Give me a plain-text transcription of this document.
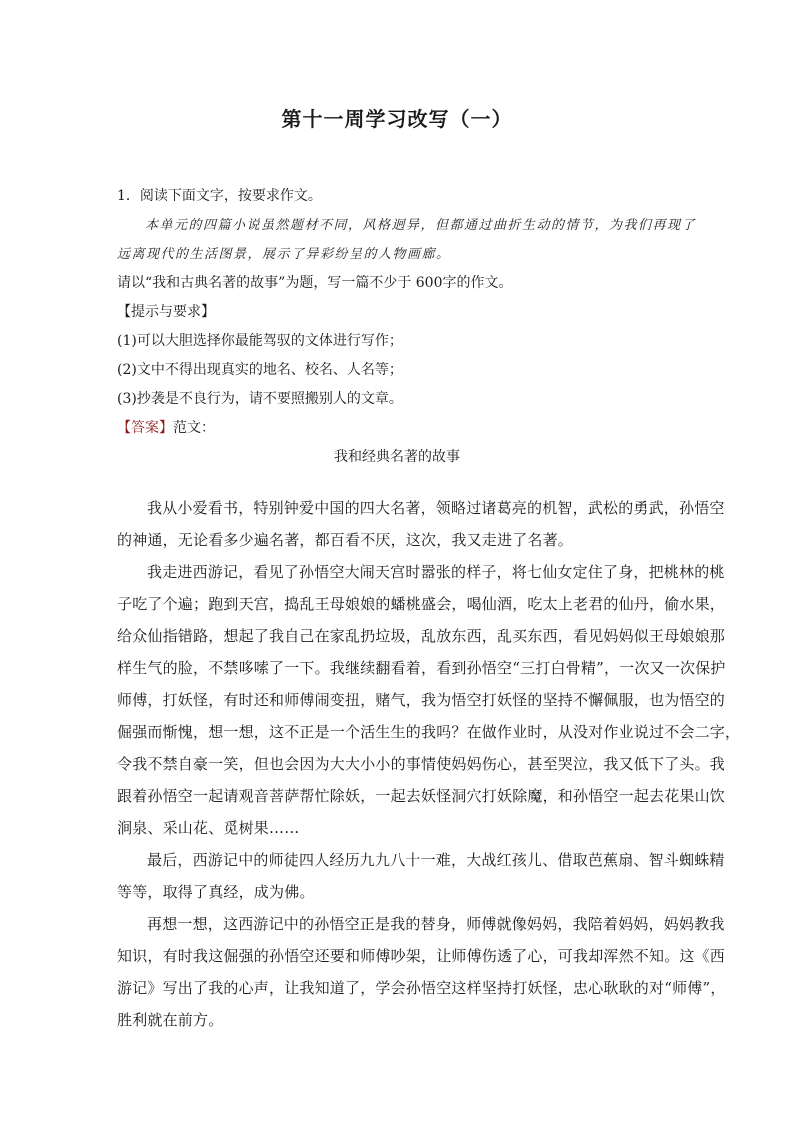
第十一周学习改写（一）
1．阅读下面文字，按要求作文。
本单元的四篇小说虽然题材不同，风格迥异，但都通过曲折生动的情节，为我们再现了
远离现代的生活图景，展示了异彩纷呈的人物画廊。
请以“我和古典名著的故事”为题，写一篇不少于 600字的作文。
【提示与要求】
(1)可以大胆选择你最能驾驭的文体进行写作；
(2)文中不得出现真实的地名、校名、人名等；
(3)抄袭是不良行为，请不要照搬别人的文章。
【答案】范文：
我和经典名著的故事
我从小爱看书，特别钟爱中国的四大名著，领略过诸葛亮的机智，武松的勇武，孙悟空
的神通，无论看多少遍名著，都百看不厌，这次，我又走进了名著。
我走进西游记，看见了孙悟空大闹天宫时嚣张的样子，将七仙女定住了身，把桃林的桃
子吃了个遍；跑到天宫，捣乱王母娘娘的蟠桃盛会，喝仙酒，吃太上老君的仙丹，偷水果，
给众仙指错路，想起了我自己在家乱扔垃圾，乱放东西，乱买东西，看见妈妈似王母娘娘那
样生气的脸，不禁哆嗦了一下。我继续翻看着，看到孙悟空“三打白骨精”，一次又一次保护
师傅，打妖怪，有时还和师傅闹变扭，赌气，我为悟空打妖怪的坚持不懈佩服，也为悟空的
倔强而惭愧，想一想，这不正是一个活生生的我吗？在做作业时，从没对作业说过不会二字，
令我不禁自豪一笑，但也会因为大大小小的事情使妈妈伤心，甚至哭泣，我又低下了头。我
跟着孙悟空一起请观音菩萨帮忙除妖，一起去妖怪洞穴打妖除魔，和孙悟空一起去花果山饮
涧泉、采山花、觅树果……
最后，西游记中的师徒四人经历九九八十一难，大战红孩儿、借取芭蕉扇、智斗蜘蛛精
等等，取得了真经，成为佛。
再想一想，这西游记中的孙悟空正是我的替身，师傅就像妈妈，我陪着妈妈，妈妈教我
知识，有时我这倔强的孙悟空还要和师傅吵架，让师傅伤透了心，可我却浑然不知。这《西
游记》写出了我的心声，让我知道了，学会孙悟空这样坚持打妖怪，忠心耿耿的对“师傅”，
胜利就在前方。
